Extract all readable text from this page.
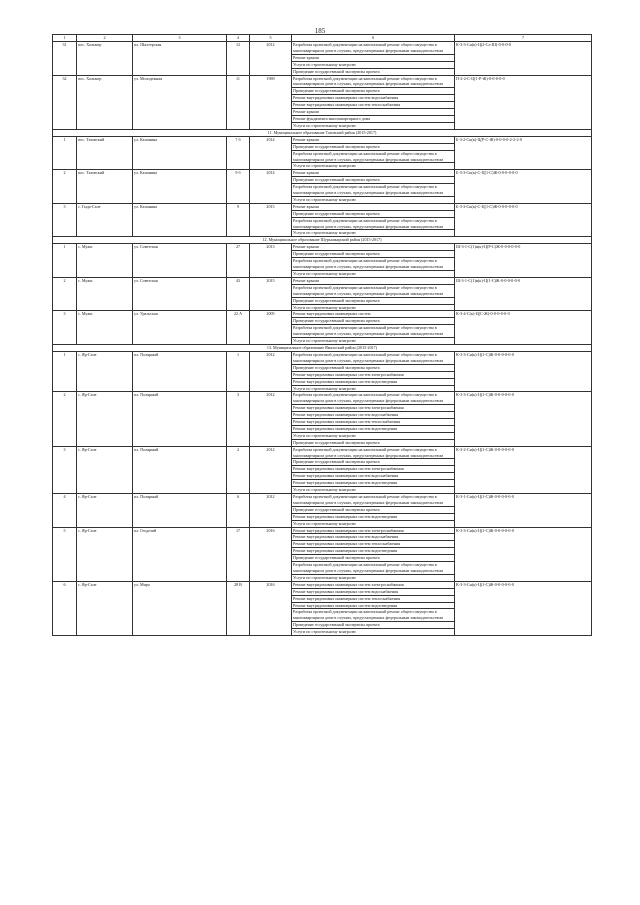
185
1	2	3	4	5	6	7
31	пос. Хальмер	пл. Шахтерская	12	2012	Разработка проектной документации на капитальный ремонт общего имущества в многоквартирном доме в случаях, предусмотренных федеральным законодательством	К-3-3-Сн(к)-Ц(2-Сл-Ш)-0-0-0-0
					Ремонт крыши	
					Услуги по строительному контролю	
					Проведение государственной экспертизы проекта	
32	пос. Хальмер	ул. Молодежная	11	1969	Разработка проектной документации на капитальный ремонт общего имущества в многоквартирном доме в случаях, предусмотренных федеральным законодательством	П-2-2-С-Ц(1-Р-Ж)-0-0-0-0-0
					Проведение государственной экспертизы проекта	
					Ремонт внутридомовых инженерных систем водоснабжения	
					Ремонт внутридомовых инженерных систем теплоснабжения	
					Ремонт крыши	
					Ремонт фундамента многоквартирного дома	
					Услуги по строительному контролю	
11. Муниципальное образование Тазовский район (2015-2017)						
1	пос. Тазовский	ул. Калинина	7 б	2014	Ремонт крыши	Б-3-2-Сн(к)-Ц(Р-С-Ж)-0-0-0-0-2-2-2-0
					Проведение государственной экспертизы проекта	
					Разработка проектной документации на капитальный ремонт общего имущества в многоквартирном доме в случаях, предусмотренных федеральным законодательством	
					Услуги по строительному контролю	
2	пос. Тазовский	ул. Калинина	9 б	2014	Ремонт крыши	Б-3-3-Сн(к)-С-Ц(1-С)Ж-0-0-0-0-0-0
					Проведение государственной экспертизы проекта	
					Разработка проектной документации на капитальный ремонт общего имущества в многоквартирном доме в случаях, предусмотренных федеральным законодательством	
					Услуги по строительному контролю	
3	с. Гыда-Сале	ул. Калинина	9	2015	Ремонт крыши	Б-3-3-Сн(к)-С-Ц(1-С)Ж-0-0-0-0-0-0
					Проведение государственной экспертизы проекта	
					Разработка проектной документации на капитальный ремонт общего имущества в многоквартирном доме в случаях, предусмотренных федеральным законодательством	
					Услуги по строительному контролю	
12. Муниципальное образование Шурышкарский район (2015-2017)						
1	с. Мужи	ул. Советская	27	2013	Ремонт крыши	Ш-3-1-С(1)н(к)-Ц(Р-С)Ж-0-0-0-0-0-0
					Проведение государственной экспертизы проекта	
					Разработка проектной документации на капитальный ремонт общего имущества в многоквартирном доме в случаях, предусмотренных федеральным законодательством	
					Услуги по строительному контролю	
2	с. Мужи	ул. Советская	43	2015	Ремонт крыши	Ш-3-1-С(1)н(к)-Ц(1-С)Ж-0-0-0-0-0-0
					Разработка проектной документации на капитальный ремонт общего имущества в многоквартирном доме в случаях, предусмотренных федеральным законодательством	
					Проведение государственной экспертизы проекта	
					Услуги по строительному контролю	
3	с. Мужи	ул. Уральская	22 А	2005	Ремонт внутридомовых инженерных систем	К-3-4-С(к)-Ц(С-Ж)-0-0-0-0-0-0
					Проведение государственной экспертизы проекта	
					Разработка проектной документации на капитальный ремонт общего имущества в многоквартирном доме в случаях, предусмотренных федеральным законодательством	
					Услуги по строительному контролю	
13. Муниципальное образование Ямальский район (2015-2017)						
1	с. Яр-Сале	пл. Полярный	1	2012	Разработка проектной документации на капитальный ремонт общего имущества в многоквартирном доме в случаях, предусмотренных федеральным законодательством	К-3-3-Сн(к)-Ц(1-С)Ж-0-0-0-0-0-0
					Проведение государственной экспертизы проекта	
					Ремонт внутридомовых инженерных систем электроснабжения	
					Ремонт внутридомовых инженерных систем водоотведения	
					Услуги по строительному контролю	
2	с. Яр-Сале	пл. Полярный	3	2012	Разработка проектной документации на капитальный ремонт общего имущества в многоквартирном доме в случаях, предусмотренных федеральным законодательством	К-3-3-Сн(к)-Ц(1-С)Ж-0-0-0-0-0-0
					Ремонт внутридомовых инженерных систем электроснабжения	
					Ремонт внутридомовых инженерных систем водоснабжения	
					Ремонт внутридомовых инженерных систем теплоснабжения	
					Ремонт внутридомовых инженерных систем водоотведения	
					Услуги по строительному контролю	
					Проведение государственной экспертизы проекта	
3	с. Яр-Сале	пл. Полярный	2	2012	Разработка проектной документации на капитальный ремонт общего имущества в многоквартирном доме в случаях, предусмотренных федеральным законодательством	К-3-2-Сн(к)-Ц(1-С)Ж-0-0-0-0-0-0
					Проведение государственной экспертизы проекта	
					Ремонт внутридомовых инженерных систем электроснабжения	
					Ремонт внутридомовых инженерных систем водоснабжения	
					Ремонт внутридомовых инженерных систем водоотведения	
					Услуги по строительному контролю	
4	с. Яр-Сале	пл. Полярный	6	2012	Разработка проектной документации на капитальный ремонт общего имущества в многоквартирном доме в случаях, предусмотренных федеральным законодательством	К-3-1-Сн(к)-Ц(1-С)Ж-0-0-0-0-0-0
					Проведение государственной экспертизы проекта	
					Ремонт внутридомовых инженерных систем водоотведения	
					Услуги по строительному контролю	
5	с. Яр-Сале	пл. Геодезий	17	2016	Ремонт внутридомовых инженерных систем электроснабжения	К-3-3-Сн(к)-Ц(1-С)Ж-0-0-0-0-0-0
					Ремонт внутридомовых инженерных систем водоснабжения	
					Ремонт внутридомовых инженерных систем теплоснабжения	
					Ремонт внутридомовых инженерных систем водоотведения	
					Проведение государственной экспертизы проекта	
					Разработка проектной документации на капитальный ремонт общего имущества в многоквартирном доме в случаях, предусмотренных федеральным законодательством	
					Услуги по строительному контролю	
6	с. Яр-Сале	ул. Мира	28 В	2016	Ремонт внутридомовых инженерных систем электроснабжения	К-3-3-Сн(к)-Ц(1-С)Ж-0-0-0-0-0-0
					Ремонт внутридомовых инженерных систем водоснабжения	
					Ремонт внутридомовых инженерных систем теплоснабжения	
					Ремонт внутридомовых инженерных систем водоотведения	
					Разработка проектной документации на капитальный ремонт общего имущества в многоквартирном доме в случаях, предусмотренных федеральным законодательством	
					Проведение государственной экспертизы проекта	
					Услуги по строительному контролю	
